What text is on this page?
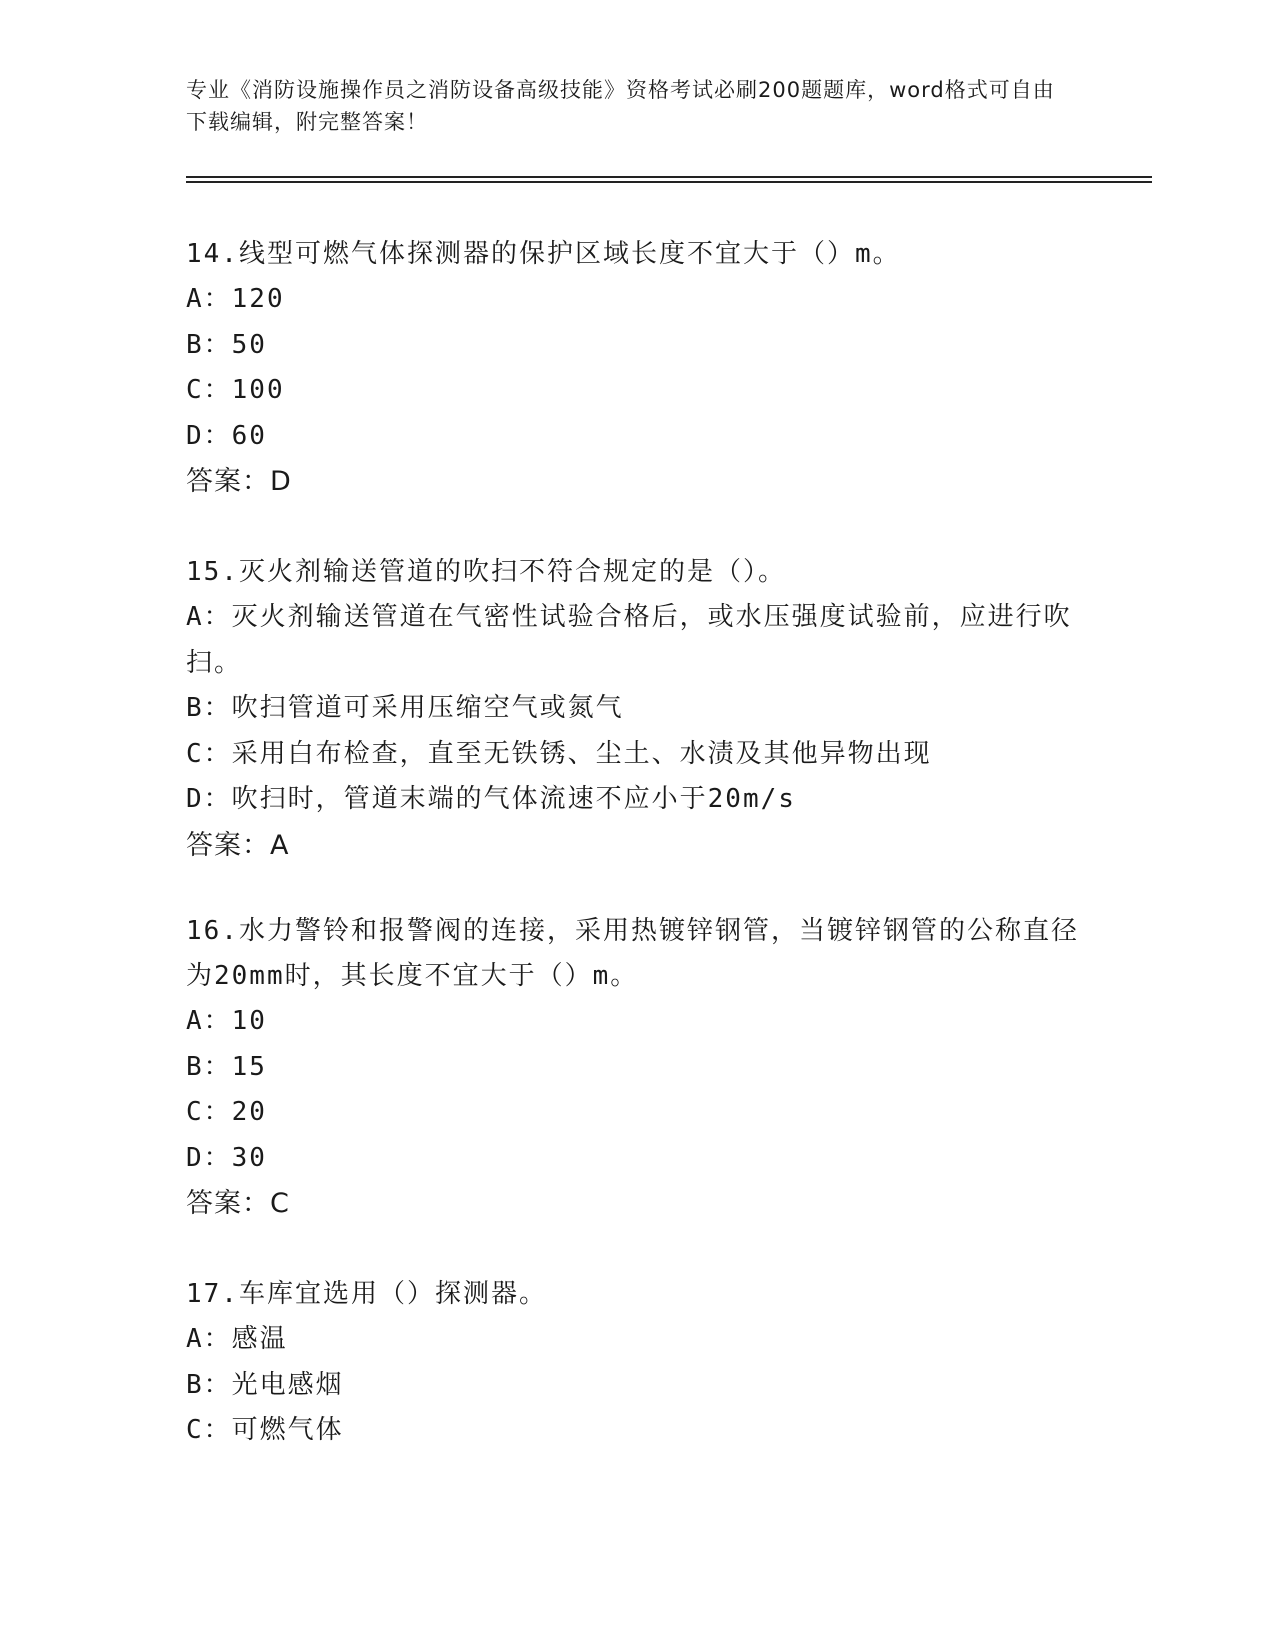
专业《消防设施操作员之消防设备高级技能》资格考试必刷200题题库，word格式可自由下载编辑，附完整答案！

14.线型可燃气体探测器的保护区域长度不宜大于（）m。

A：120

B：50

C：100

D：60

答案：D

15.灭火剂输送管道的吹扫不符合规定的是（）。

A：灭火剂输送管道在气密性试验合格后，或水压强度试验前，应进行吹扫。

B：吹扫管道可采用压缩空气或氮气

C：采用白布检查，直至无铁锈、尘土、水渍及其他异物出现

D：吹扫时，管道末端的气体流速不应小于20m/s

答案：A

16.水力警铃和报警阀的连接，采用热镀锌钢管，当镀锌钢管的公称直径为20mm时，其长度不宜大于（）m。

A：10

B：15

C：20

D：30

答案：C

17.车库宜选用（）探测器。

A：感温

B：光电感烟

C：可燃气体
